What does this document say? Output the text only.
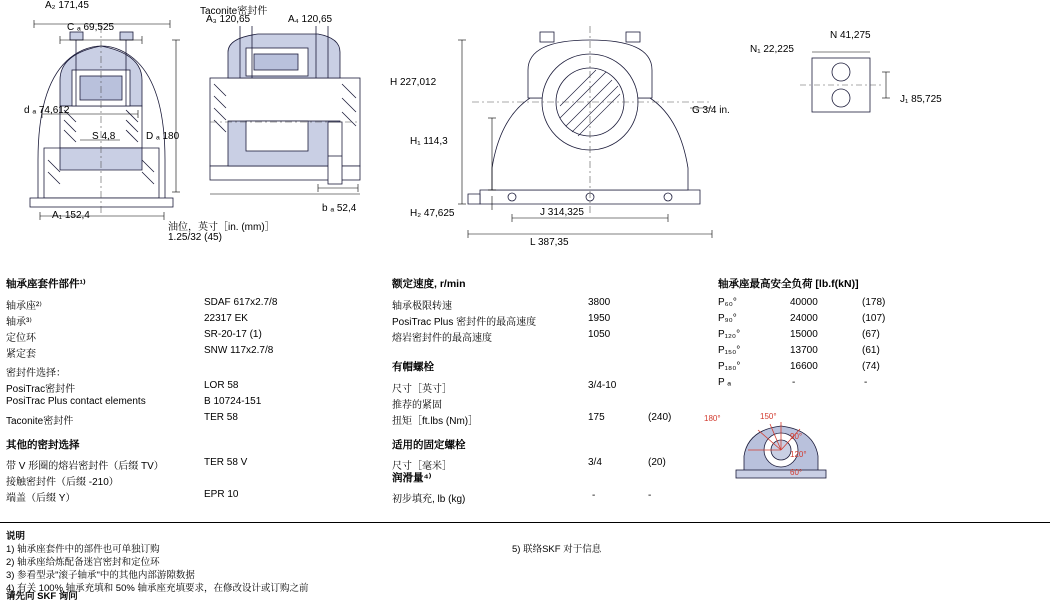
A₂ 171,45
C ₐ 69,525
d ₐ 74,612
S 4,8	D ₐ 180
A₁ 152,4
Taconite密封件
A₃ 120,65	A₄ 120,65
b ₐ 52,4
油位，英寸［in. (mm)］
1.25/32 (45)
H 227,012
H₁ 114,3
H₂ 47,625	J 314,325
L 387,35
G 3/4 in.
N₁ 22,225
N 41,275
J₁ 85,725
轴承座套件部件¹⁾
轴承座²⁾	SDAF 617x2.7/8
轴承³⁾	22317 EK
定位环	SR-20-17 (1)
紧定套	SNW 117x2.7/8
密封件选择：
PosiTrac密封件	LOR 58
PosiTrac Plus contact elements	B 10724-151
Taconite密封件	TER 58
其他的密封选择
带 V 形圈的熔岩密封件（后缀 TV）	TER 58 V
接触密封件（后缀 -210）
端盖（后缀 Y）	EPR 10
额定速度, r/min
轴承极限转速	3800
PosiTrac Plus 密封件的最高速度	1950
熔岩密封件的最高速度	1050
有帽螺栓
尺寸［英寸］	3/4-10
推荐的紧固
扭矩［ft.lbs (Nm)］	175	(240)
适用的固定螺栓
尺寸［毫米］	3/4	(20)
润滑量⁴⁾
初步填充, lb (kg)	-	-
轴承座最高安全负荷 [lb.f(kN)]
P₆₀°	40000	(178)
P₉₀°	24000	(107)
P₁₂₀°	15000	(67)
P₁₅₀°	13700	(61)
P₁₈₀°	16600	(74)
P ₐ	-	-
180°	150°
120°
90°
60°
说明
1) 轴承座套件中的部件也可单独订购
2) 轴承座给炼配备迷宫密封和定位环
3) 参看型录"滚子轴承"中的其他内部游隙数据
4) 有关 100% 轴承充填和 50% 轴承座充填要求，在修改设计或订购之前
请先向 SKF 询问
5) 联络SKF 对于信息
